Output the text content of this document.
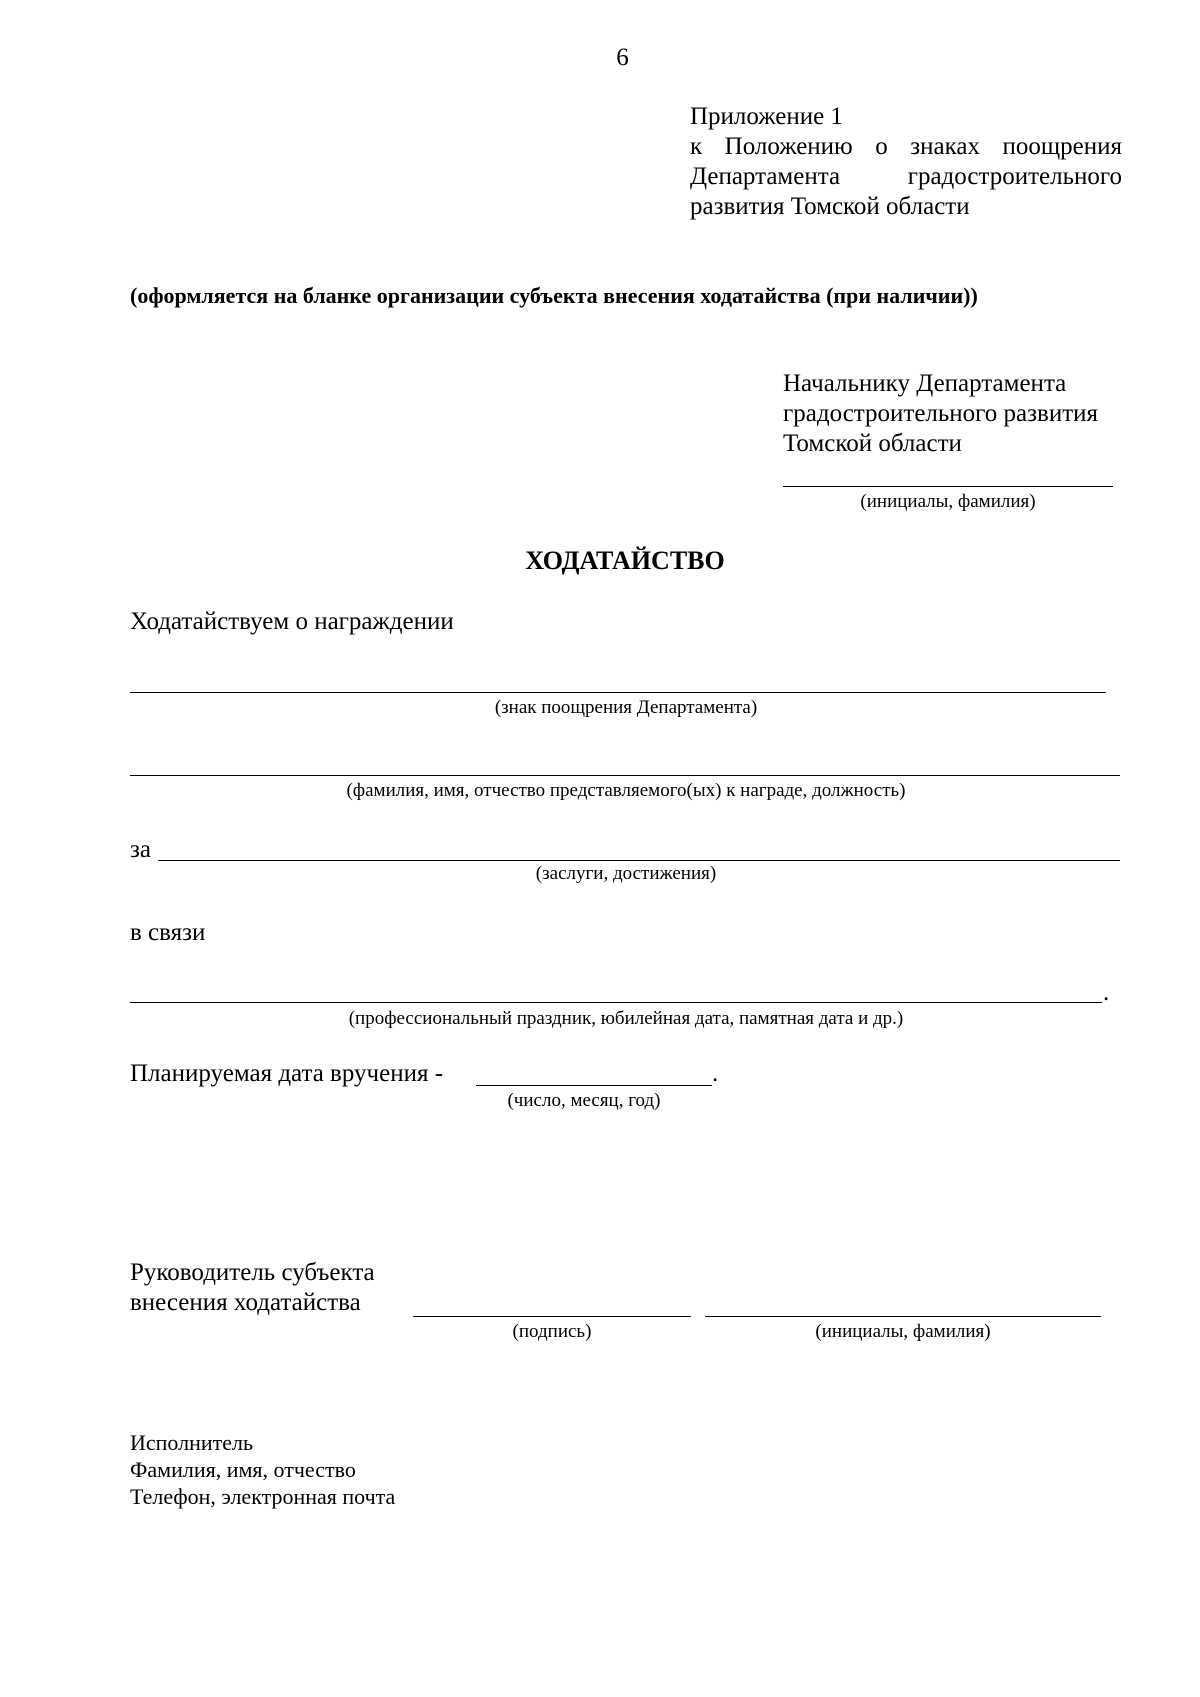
6
Приложение 1
к Положению о знаках поощрения
Департамента градостроительного
развития Томской области
(оформляется на бланке организации субъекта внесения ходатайства (при наличии))
Начальнику Департамента
градостроительного развития
Томской области
(инициалы, фамилия)
ХОДАТАЙСТВО
Ходатайствуем о награждении
(знак поощрения Департамента)
(фамилия, имя, отчество представляемого(ых) к награде, должность)
за
(заслуги, достижения)
в связи
.
(профессиональный праздник, юбилейная дата, памятная дата и др.)
Планируемая дата вручения -	.
(число, месяц, год)
Руководитель субъекта
внесения ходатайства
(подпись)	(инициалы, фамилия)
Исполнитель
Фамилия, имя, отчество
Телефон, электронная почта
